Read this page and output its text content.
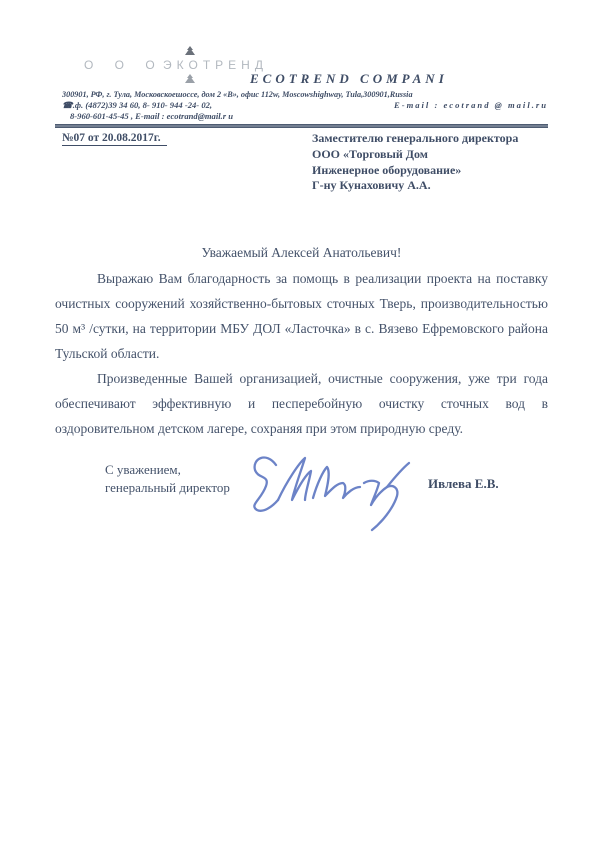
О О О ЭКОТРЕНД
ECOTREND COMPANI
300901, РФ, г. Тула, Московскоешоссе, дом 2 «В», офис 112w, Moscowshighway, Tula,300901,Russia
☎.ф. (4872)39 34 60, 8- 910- 944 -24- 02,	E-mail : ecotrand @ mail.ru
8-960-601-45-45 , E-mail : ecotrand@mail.r u
№07 от 20.08.2017г.	Заместителю генерального директора
ООО «Торговый Дом
Инженерное оборудование»
Г-ну Кунаховичу А.А.
Уважаемый Алексей Анатольевич!

Выражаю Вам благодарность за помощь в реализации проекта на поставку очистных сооружений хозяйственно-бытовых сточных Тверь, производительностью 50 м³ /сутки, на территории МБУ ДОЛ «Ласточка» в с. Вязево Ефремовского района Тульской области.

Произведенные Вашей организацией, очистные сооружения, уже три года обеспечивают эффективную и песперебойную очистку сточных вод в оздоровительном детском лагере, сохраняя при этом природную среду.

С уважением,
генеральный директор	Ивлева Е.В.
